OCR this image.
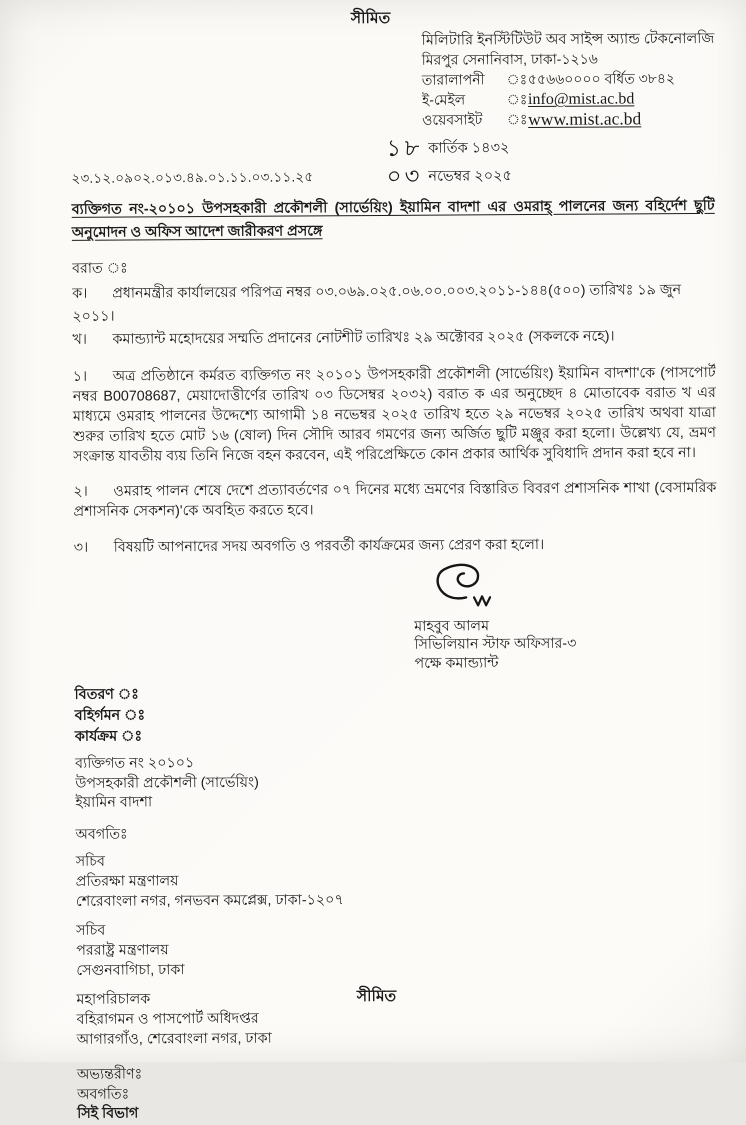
সীমিত
মিলিটারি ইনস্টিটিউট অব সাইন্স অ্যান্ড টেকনোলজি
মিরপুর সেনানিবাস, ঢাকা-১২১৬
তারালাপনী	ঃ ৫৫৬৬০০০০ বর্ধিত ৩৮৪২
ই-মেইল	ঃ info@mist.ac.bd
ওয়েবসাইট	ঃ www.mist.ac.bd
১৮ কার্তিক ১৪৩২
২৩.১২.০৯০২.০১৩.৪৯.০১.১১.০৩.১১.২৫	০৩ নভেম্বর ২০২৫
ব্যক্তিগত নং-২০১০১ উপসহকারী প্রকৌশলী (সার্ভেয়িং) ইয়ামিন বাদশা এর ওমরাহ্‌ পালনের জন্য বহির্দেশ ছুটি অনুমোদন ও অফিস আদেশ জারীকরণ প্রসঙ্গে
বরাত ঃ
ক। প্রধানমন্ত্রীর কার্যালয়ের পরিপত্র নম্বর ০৩.০৬৯.০২৫.০৬.০০.০০৩.২০১১-১৪৪(৫০০) তারিখঃ ১৯ জুন ২০১১।
খ। কমান্ড্যান্ট মহোদয়ের সম্মতি প্রদানের নোটশীট তারিখঃ ২৯ অক্টোবর ২০২৫ (সকলকে নহে)।
১। অত্র প্রতিষ্ঠানে কর্মরত ব্যক্তিগত নং ২০১০১ উপসহকারী প্রকৌশলী (সার্ভেয়িং) ইয়ামিন বাদশা'কে (পাসপোর্ট নম্বর B00708687, মেয়াদোত্তীর্ণের তারিখ ০৩ ডিসেম্বর ২০৩২) বরাত ক এর অনুচ্ছেদ ৪ মোতাবেক বরাত খ এর মাধ্যমে ওমরাহ পালনের উদ্দেশ্যে আগামী ১৪ নভেম্বর ২০২৫ তারিখ হতে ২৯ নভেম্বর ২০২৫ তারিখ অথবা যাত্রা শুরুর তারিখ হতে মোট ১৬ (ষোল) দিন সৌদি আরব গমণের জন্য অর্জিত ছুটি মঞ্জুর করা হলো। উল্লেখ্য যে, ভ্রমণ সংক্রান্ত যাবতীয় ব্যয় তিনি নিজে বহন করবেন, এই পরিপ্রেক্ষিতে কোন প্রকার আর্থিক সুবিধাদি প্রদান করা হবে না।
২। ওমরাহ পালন শেষে দেশে প্রত্যাবর্তণের ০৭ দিনের মধ্যে ভ্রমণের বিস্তারিত বিবরণ প্রশাসনিক শাখা (বেসামরিক প্রশাসনিক সেকশন)'কে অবহিত করতে হবে।
৩। বিষয়টি আপনাদের সদয় অবগতি ও পরবর্তী কার্যক্রমের জন্য প্রেরণ করা হলো।
মাহবুব আলম
সিভিলিয়ান স্টাফ অফিসার-৩
পক্ষে কমান্ড্যান্ট
বিতরণ ঃ
বহির্গমন ঃ
কার্যক্রম ঃ
ব্যক্তিগত নং ২০১০১
উপসহকারী প্রকৌশলী (সার্ভেয়িং)
ইয়ামিন বাদশা
অবগতিঃ
সচিব
প্রতিরক্ষা মন্ত্রণালয়
শেরেবাংলা নগর, গনভবন কমপ্লেক্স, ঢাকা-১২০৭
সচিব
পররাষ্ট্র মন্ত্রণালয়
সেগুনবাগিচা, ঢাকা
মহাপরিচালক
বহিরাগমন ও পাসপোর্ট অধিদপ্তর
আগারগাঁও, শেরেবাংলা নগর, ঢাকা
অভ্যন্তরীণঃ
অবগতিঃ
সিই বিভাগ
সীমিত
